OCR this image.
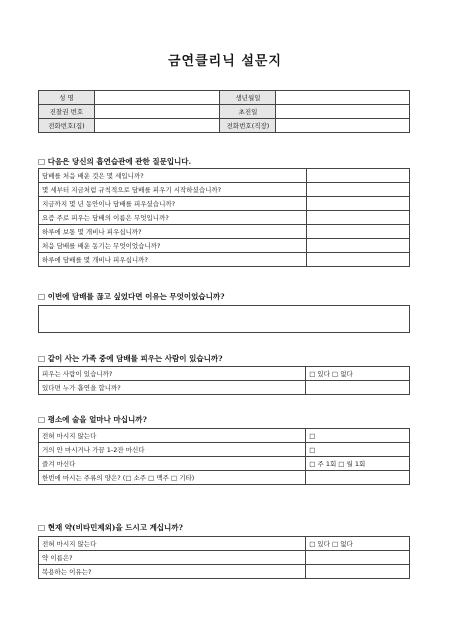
금연클리닉 설문지
성 명		생년월일	
진찰권 번호		초진일	
전화번호(집)		전화번호(직장)	
□ 다음은 당신의 흡연습관에 관한 질문입니다.
담배를 처음 배운 것은 몇 세입니까?	
몇 세부터 지금처럼 규칙적으로 담배를 피우기 시작하셨습니까?	
지금까지 몇 년 동안이나 담배를 피우셨습니까?	
요즘 주로 피우는 담배의 이름은 무엇입니까?	
하루에 보통 몇 개비나 피우십니까?	
처음 담배를 배운 동기는 무엇이었습니까?	
하루에 담배를 몇 개비나 피우십니까?	
□ 이번에 담배를 끊고 싶었다면 이유는 무엇이었습니까?
□ 같이 사는 가족 중에 담배를 피우는 사람이 있습니까?
피우는 사람이 있습니까?	□ 있다 □ 없다
있다면 누가 흡연을 합니까?	
□ 평소에 술을 얼마나 마십니까?
전혀 마시지 않는다	□
거의 안 마시거나 가끔 1-2잔 마신다	□
즐겨 마신다	□ 주 1회 □ 월 1회
한번에 마시는 주류의 양은? (□ 소주 □ 맥주 □ 기타)	
□ 현재 약(비타민제외)을 드시고 계십니까?
전혀 마시지 않는다	□ 있다 □ 없다
약 이름은?	
복용하는 이유는?	
